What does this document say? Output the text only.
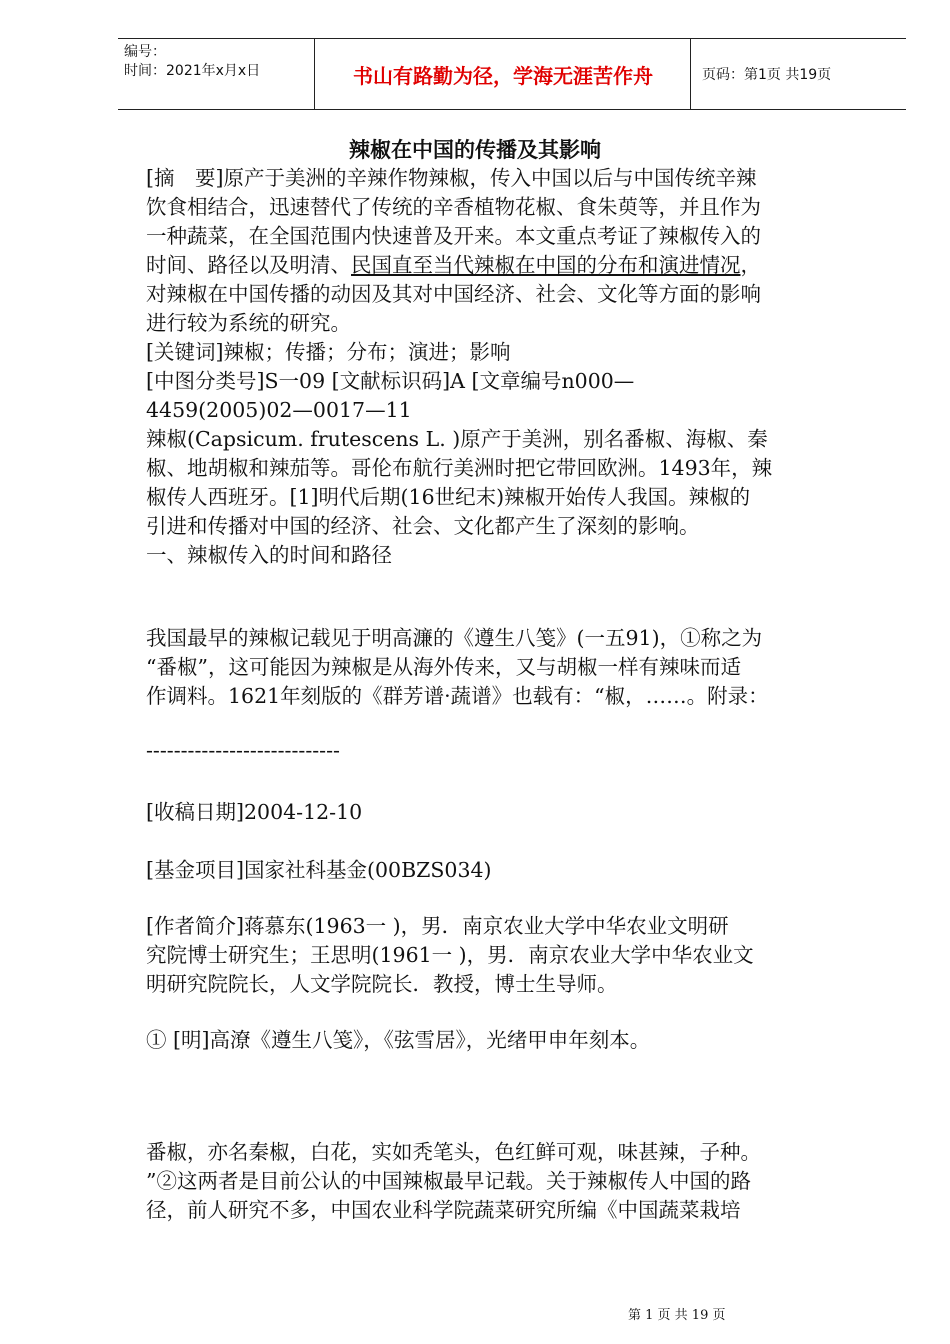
编号：
时间：2021年x月x日	书山有路勤为径，学海无涯苦作舟	页码：第1页 共19页
辣椒在中国的传播及其影响
[摘　要]原产于美洲的辛辣作物辣椒，传入中国以后与中国传统辛辣
饮食相结合，迅速替代了传统的辛香植物花椒、食朱萸等，并且作为
一种蔬菜，在全国范围内快速普及开来。本文重点考证了辣椒传入的
时间、路径以及明清、民国直至当代辣椒在中国的分布和演进情况，
对辣椒在中国传播的动因及其对中国经济、社会、文化等方面的影响
进行较为系统的研究。
[关键词]辣椒；传播；分布；演进；影响
[中图分类号]S一09 [文献标识码]A [文章编号n000—
4459(2005)02—0017—11
辣椒(Capsicum. frutescens L. )原产于美洲，别名番椒、海椒、秦
椒、地胡椒和辣茄等。哥伦布航行美洲时把它带回欧洲。1493年，辣
椒传人西班牙。[1]明代后期(16世纪末)辣椒开始传人我国。辣椒的
引进和传播对中国的经济、社会、文化都产生了深刻的影响。
一、辣椒传入的时间和路径
我国最早的辣椒记载见于明高濂的《遵生八笺》(一五91)，①称之为
“番椒”，这可能因为辣椒是从海外传来，又与胡椒一样有辣味而适
作调料。1621年刻版的《群芳谱·蔬谱》也载有：“椒，……。附录：
----------------------------
[收稿日期]2004-12-10
[基金项目]国家社科基金(00BZS034)
[作者简介]蒋慕东(1963一 )，男．南京农业大学中华农业文明研
究院博士研究生；王思明(1961一 )，男．南京农业大学中华农业文
明研究院院长，人文学院院长．教授，博士生导师。
① [明]高潦《遵生八笺》，《弦雪居》，光绪甲申年刻本。
番椒，亦名秦椒，白花，实如秃笔头，色红鲜可观，味甚辣，子种。
”②这两者是目前公认的中国辣椒最早记载。关于辣椒传人中国的路
径，前人研究不多，中国农业科学院蔬菜研究所编《中国蔬菜栽培
第 1 页 共 19 页
